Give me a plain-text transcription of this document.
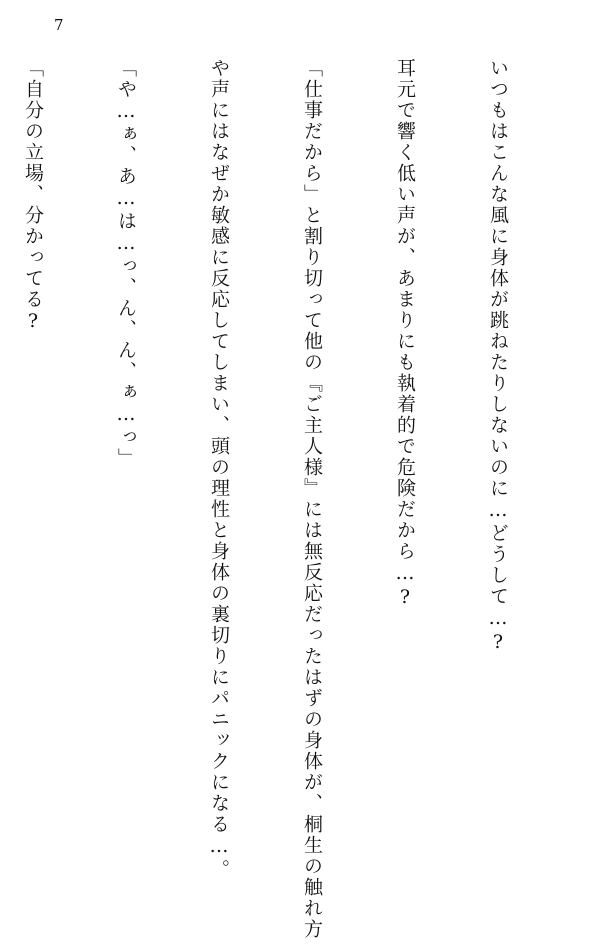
7

いつもはこんな風に身体が跳ねたりしないのに…どうして…?

耳元で響く低い声が、あまりにも執着的で危険だから…?

「仕事だから」と割り切って他の『ご主人様』には無反応だったはずの身体が、桐生の触れ方

や声にはなぜか敏感に反応してしまい、頭の理性と身体の裏切りにパニックになる…。

「や…ぁ、あ…は…っ、ん、ん、ぁ…っ」

「自分の立場、分かってる?
